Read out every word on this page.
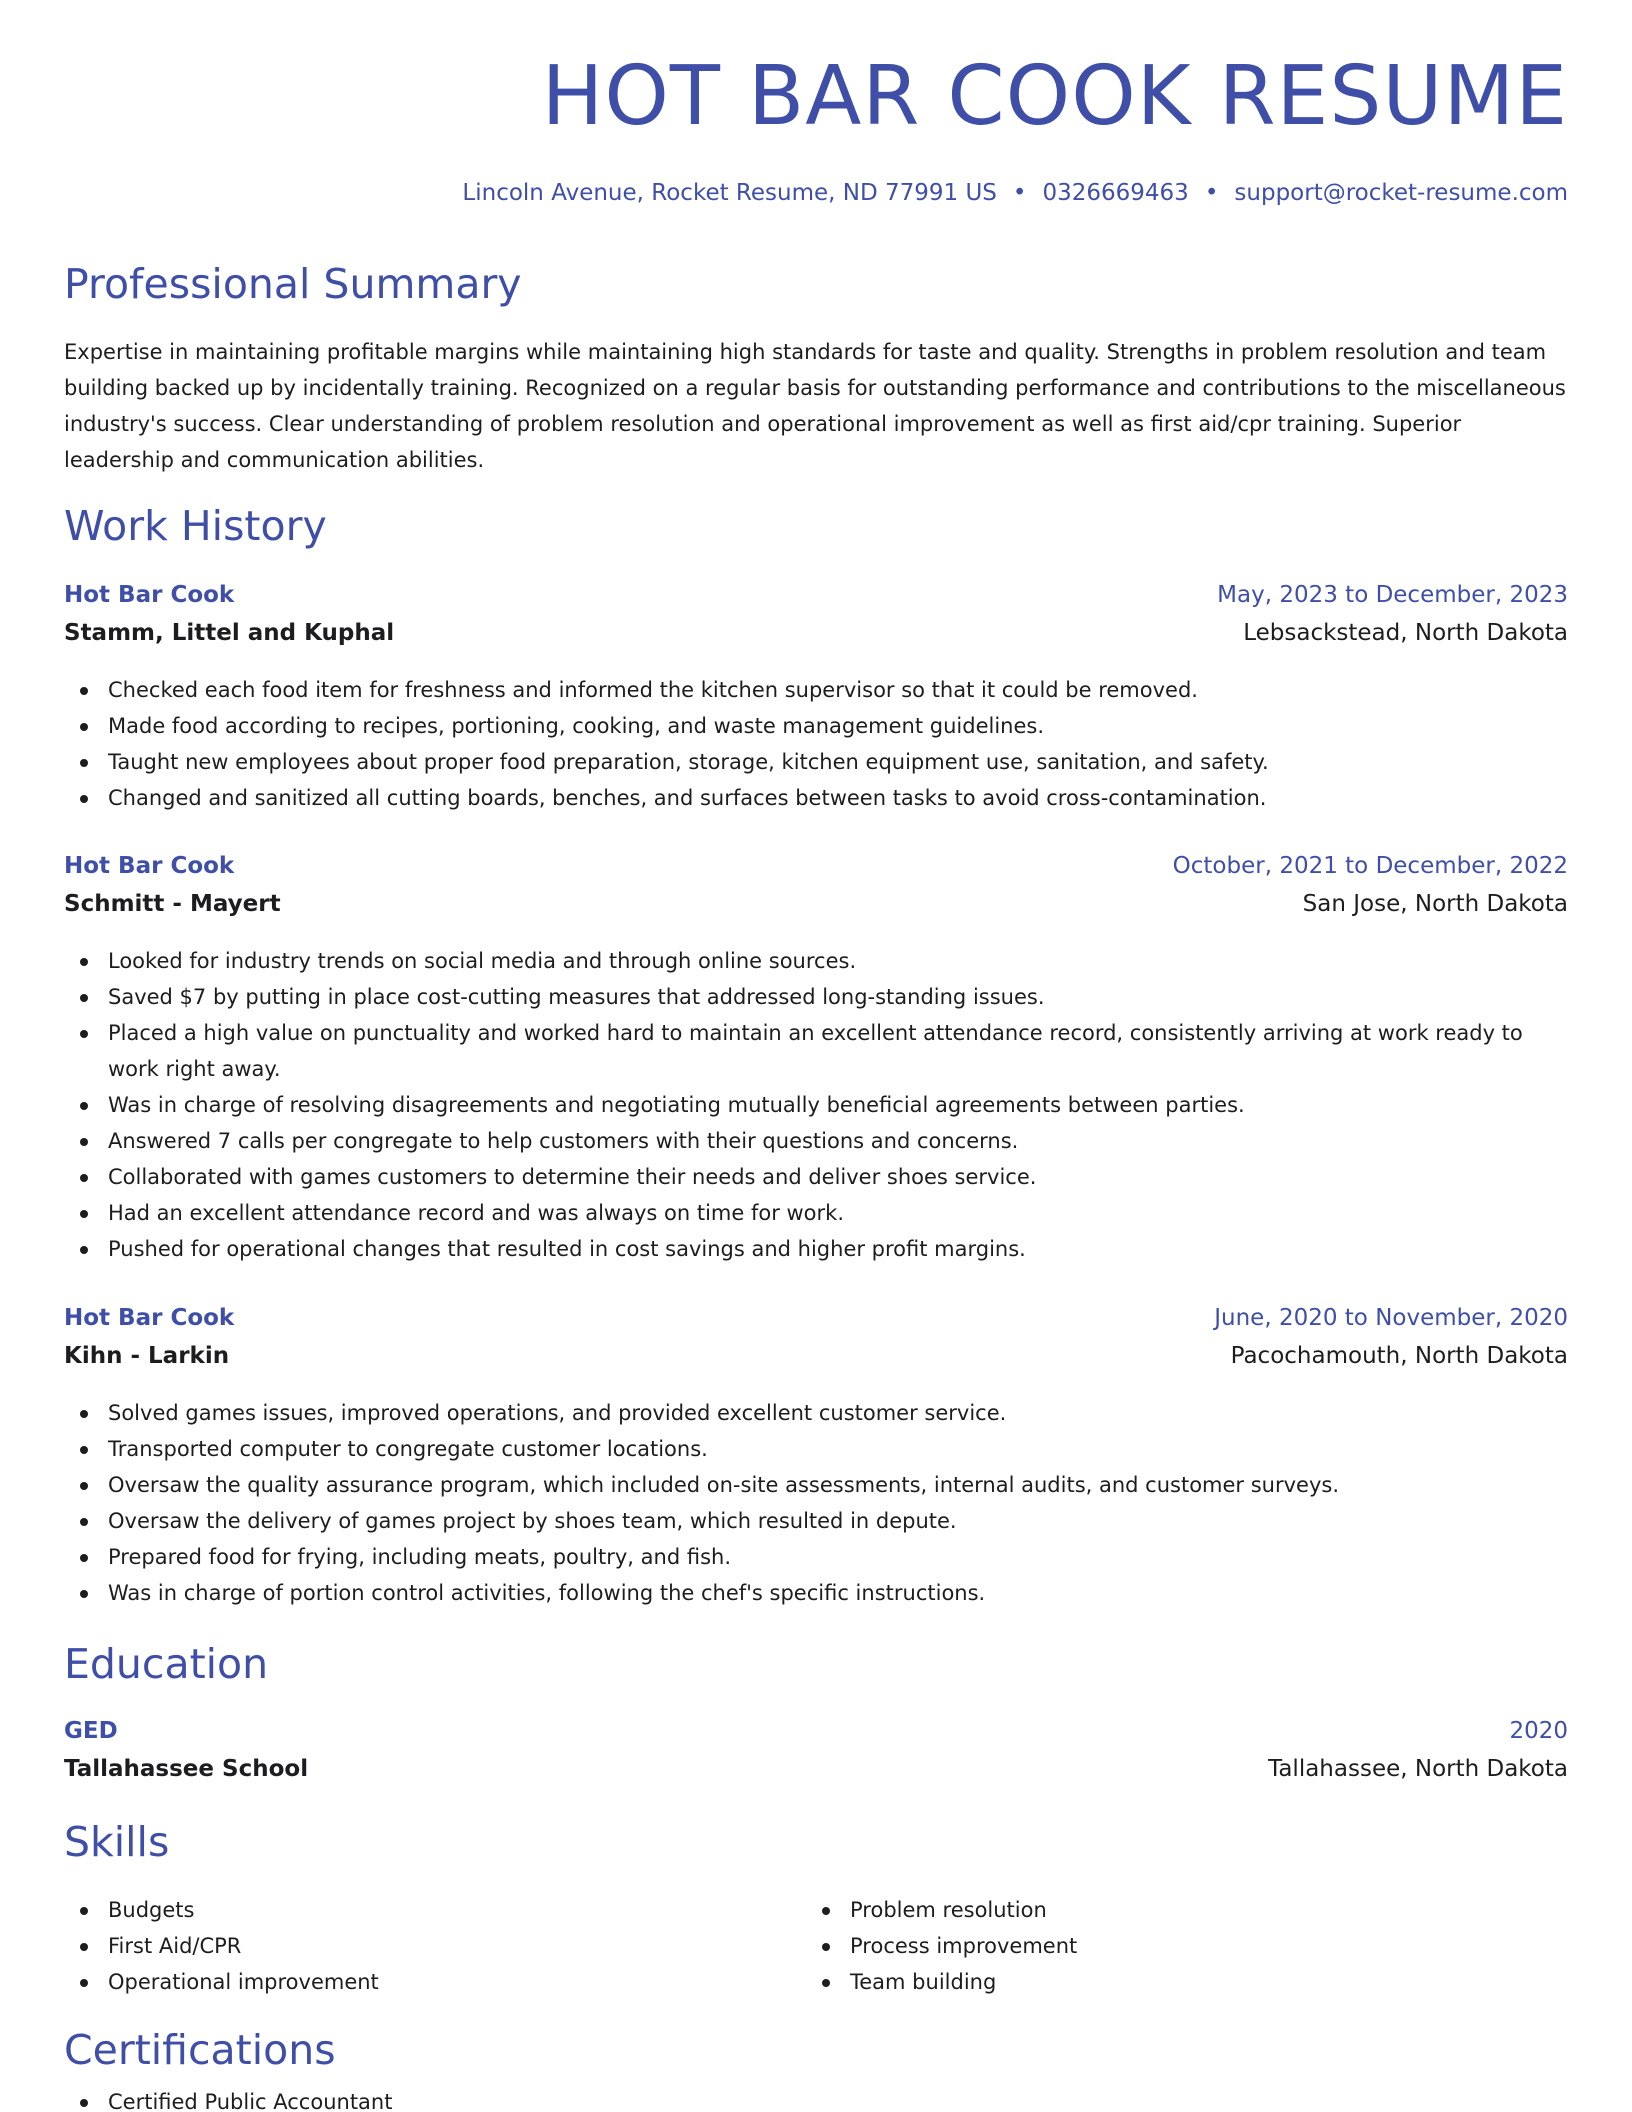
HOT BAR COOK RESUME
Lincoln Avenue, Rocket Resume, ND 77991 US • 0326669463 • support@rocket-resume.com
Professional Summary

Expertise in maintaining profitable margins while maintaining high standards for taste and quality. Strengths in problem resolution and team building backed up by incidentally training. Recognized on a regular basis for outstanding performance and contributions to the miscellaneous industry's success. Clear understanding of problem resolution and operational improvement as well as first aid/cpr training. Superior leadership and communication abilities.

Work History
Hot Bar Cook	May, 2023 to December, 2023
Stamm, Littel and Kuphal	Lebsackstead, North Dakota
Checked each food item for freshness and informed the kitchen supervisor so that it could be removed.
Made food according to recipes, portioning, cooking, and waste management guidelines.
Taught new employees about proper food preparation, storage, kitchen equipment use, sanitation, and safety.
Changed and sanitized all cutting boards, benches, and surfaces between tasks to avoid cross-contamination.
Hot Bar Cook	October, 2021 to December, 2022
Schmitt - Mayert	San Jose, North Dakota
Looked for industry trends on social media and through online sources.
Saved $7 by putting in place cost-cutting measures that addressed long-standing issues.
Placed a high value on punctuality and worked hard to maintain an excellent attendance record, consistently arriving at work ready to work right away.
Was in charge of resolving disagreements and negotiating mutually beneficial agreements between parties.
Answered 7 calls per congregate to help customers with their questions and concerns.
Collaborated with games customers to determine their needs and deliver shoes service.
Had an excellent attendance record and was always on time for work.
Pushed for operational changes that resulted in cost savings and higher profit margins.
Hot Bar Cook	June, 2020 to November, 2020
Kihn - Larkin	Pacochamouth, North Dakota
Solved games issues, improved operations, and provided excellent customer service.
Transported computer to congregate customer locations.
Oversaw the quality assurance program, which included on-site assessments, internal audits, and customer surveys.
Oversaw the delivery of games project by shoes team, which resulted in depute.
Prepared food for frying, including meats, poultry, and fish.
Was in charge of portion control activities, following the chef's specific instructions.
Education
GED	2020
Tallahassee School	Tallahassee, North Dakota
Skills
Budgets
First Aid/CPR
Operational improvement
Problem resolution
Process improvement
Team building
Certifications
Certified Public Accountant
